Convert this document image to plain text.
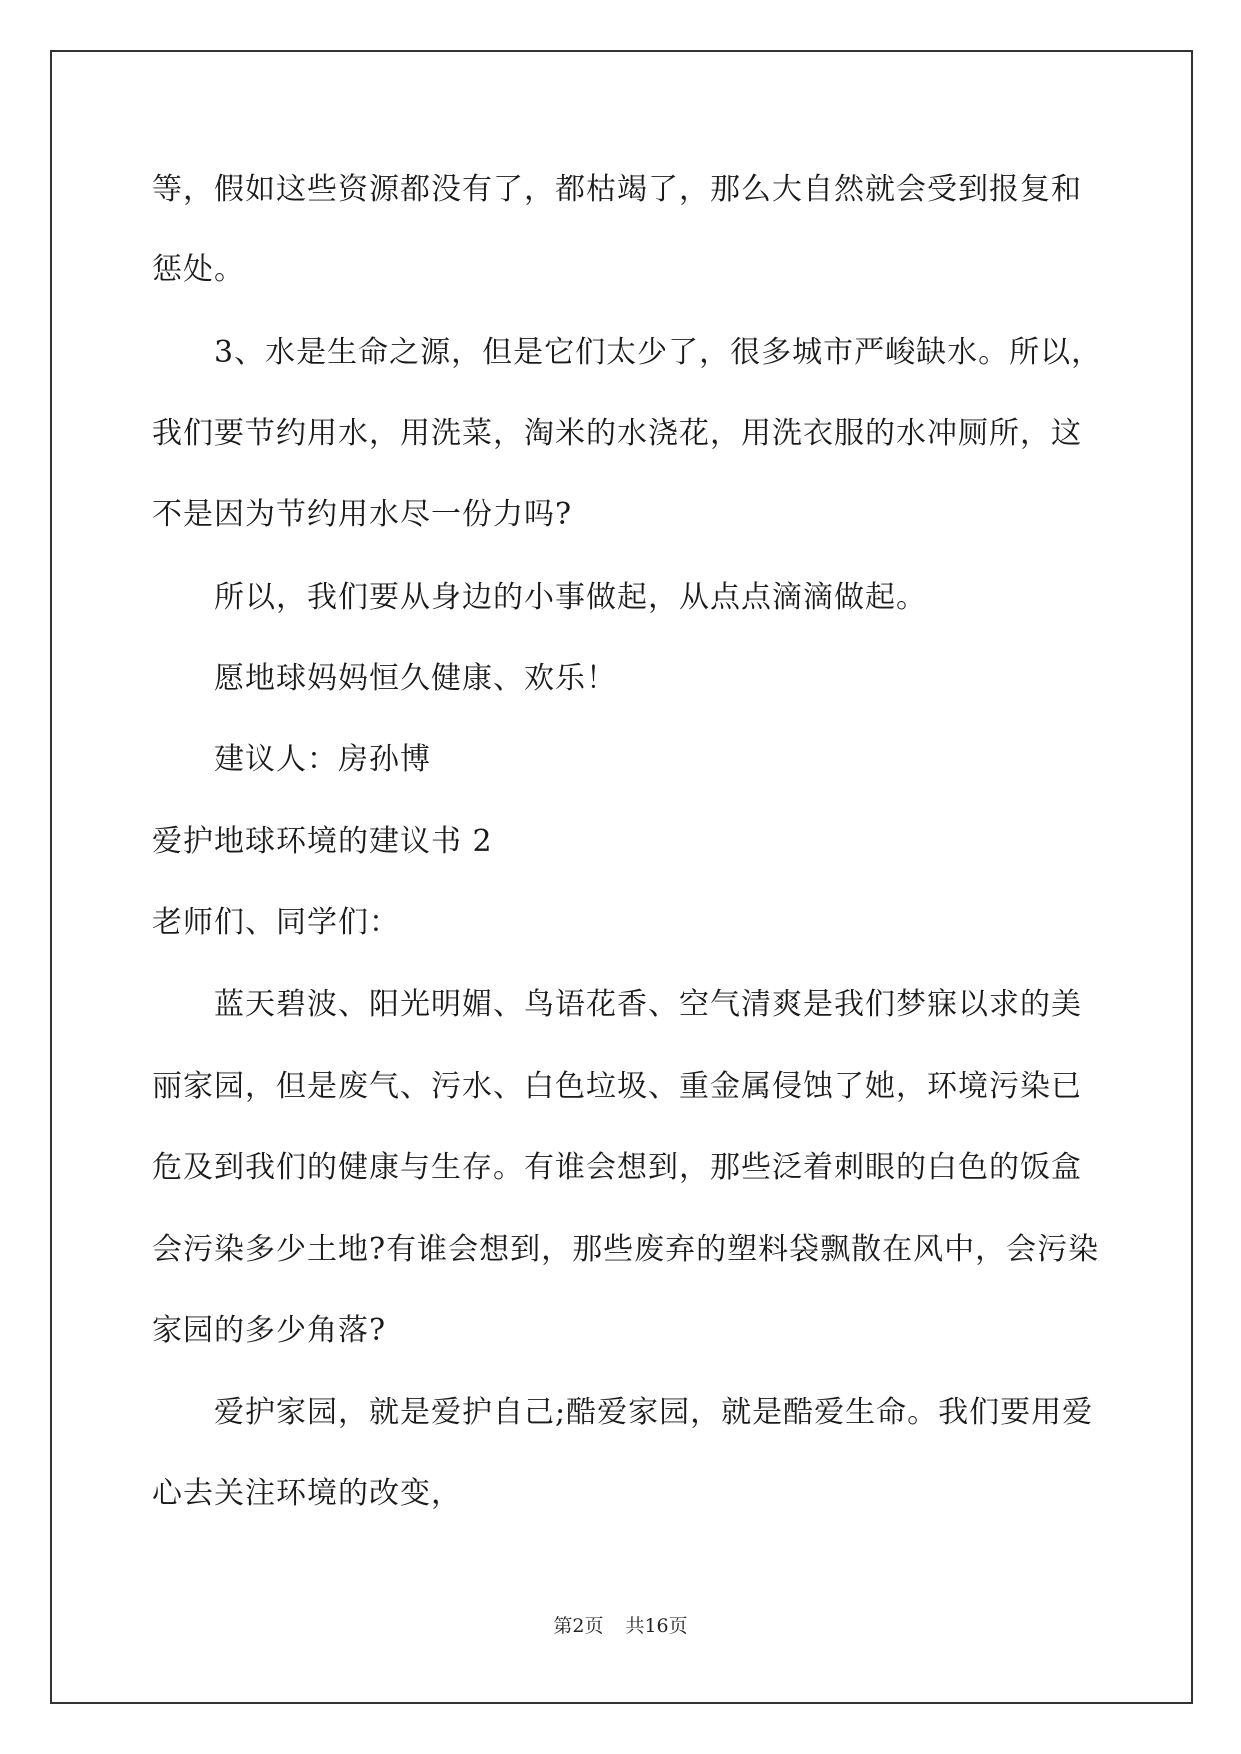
等，假如这些资源都没有了，都枯竭了，那么大自然就会受到报复和
惩处。
3、水是生命之源，但是它们太少了，很多城市严峻缺水。所以，
我们要节约用水，用洗菜，淘米的水浇花，用洗衣服的水冲厕所，这
不是因为节约用水尽一份力吗?
所以，我们要从身边的小事做起，从点点滴滴做起。
愿地球妈妈恒久健康、欢乐！
建议人：房孙博
爱护地球环境的建议书 2
老师们、同学们：
蓝天碧波、阳光明媚、鸟语花香、空气清爽是我们梦寐以求的美
丽家园，但是废气、污水、白色垃圾、重金属侵蚀了她，环境污染已
危及到我们的健康与生存。有谁会想到，那些泛着刺眼的白色的饭盒
会污染多少土地?有谁会想到，那些废弃的塑料袋飘散在风中，会污染
家园的多少角落?
爱护家园，就是爱护自己;酷爱家园，就是酷爱生命。我们要用爱
心去关注环境的改变，
第2页 共16页
